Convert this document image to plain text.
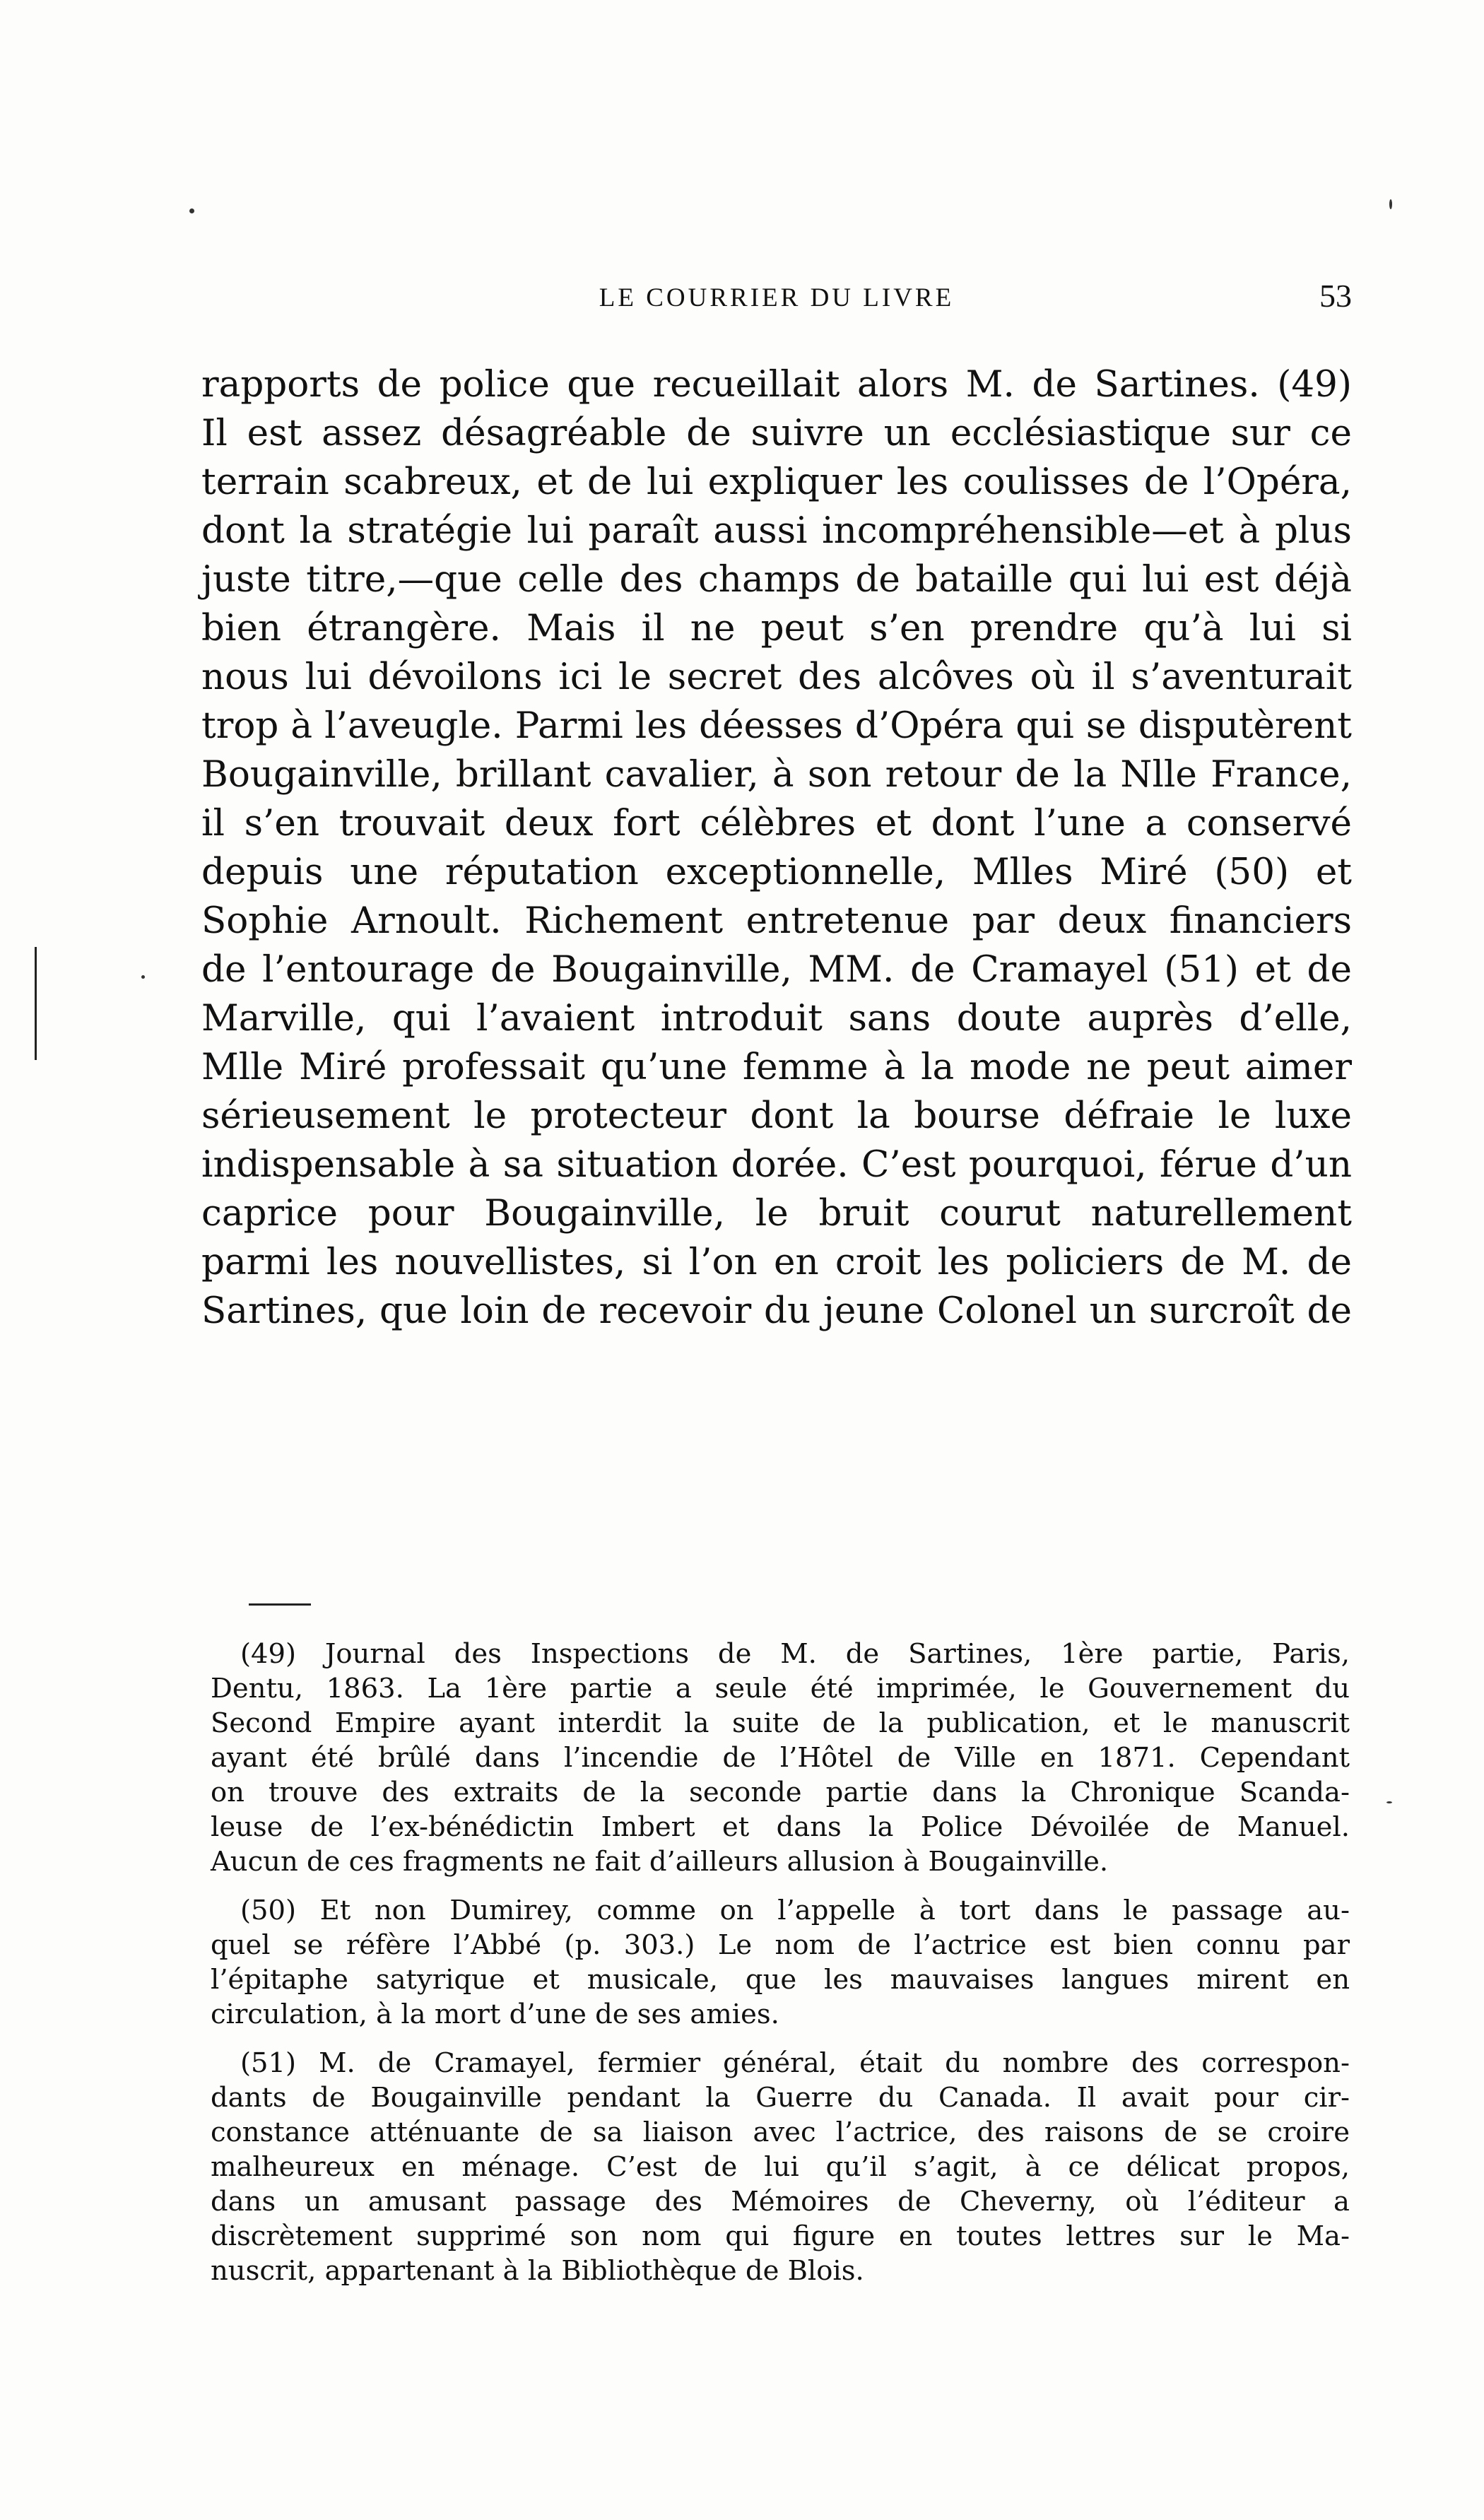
LE COURRIER DU LIVRE	53
rapports de police que recueillait alors M. de Sartines. (49)
Il est assez désagréable de suivre un ecclésiastique sur ce
terrain scabreux, et de lui expliquer les coulisses de l’Opéra,
dont la stratégie lui paraît aussi incompréhensible—et à plus
juste titre,—que celle des champs de bataille qui lui est déjà
bien étrangère. Mais il ne peut s’en prendre qu’à lui si
nous lui dévoilons ici le secret des alcôves où il s’aventurait
trop à l’aveugle. Parmi les déesses d’Opéra qui se disputèrent
Bougainville, brillant cavalier, à son retour de la Nlle France,
il s’en trouvait deux fort célèbres et dont l’une a conservé
depuis une réputation exceptionnelle, Mlles Miré (50) et
Sophie Arnoult. Richement entretenue par deux financiers
de l’entourage de Bougainville, MM. de Cramayel (51) et de
Marville, qui l’avaient introduit sans doute auprès d’elle,
Mlle Miré professait qu’une femme à la mode ne peut aimer
sérieusement le protecteur dont la bourse défraie le luxe
indispensable à sa situation dorée. C’est pourquoi, férue d’un
caprice pour Bougainville, le bruit courut naturellement
parmi les nouvellistes, si l’on en croit les policiers de M. de
Sartines, que loin de recevoir du jeune Colonel un surcroît de
(49) Journal des Inspections de M. de Sartines, 1ère partie, Paris,
Dentu, 1863. La 1ère partie a seule été imprimée, le Gouvernement du
Second Empire ayant interdit la suite de la publication, et le manuscrit
ayant été brûlé dans l’incendie de l’Hôtel de Ville en 1871. Cependant
on trouve des extraits de la seconde partie dans la Chronique Scanda-
leuse de l’ex-bénédictin Imbert et dans la Police Dévoilée de Manuel.
Aucun de ces fragments ne fait d’ailleurs allusion à Bougainville.
(50) Et non Dumirey, comme on l’appelle à tort dans le passage au-
quel se réfère l’Abbé (p. 303.) Le nom de l’actrice est bien connu par
l’épitaphe satyrique et musicale, que les mauvaises langues mirent en
circulation, à la mort d’une de ses amies.
(51) M. de Cramayel, fermier général, était du nombre des correspon-
dants de Bougainville pendant la Guerre du Canada. Il avait pour cir-
constance atténuante de sa liaison avec l’actrice, des raisons de se croire
malheureux en ménage. C’est de lui qu’il s’agit, à ce délicat propos,
dans un amusant passage des Mémoires de Cheverny, où l’éditeur a
discrètement supprimé son nom qui figure en toutes lettres sur le Ma-
nuscrit, appartenant à la Bibliothèque de Blois.
